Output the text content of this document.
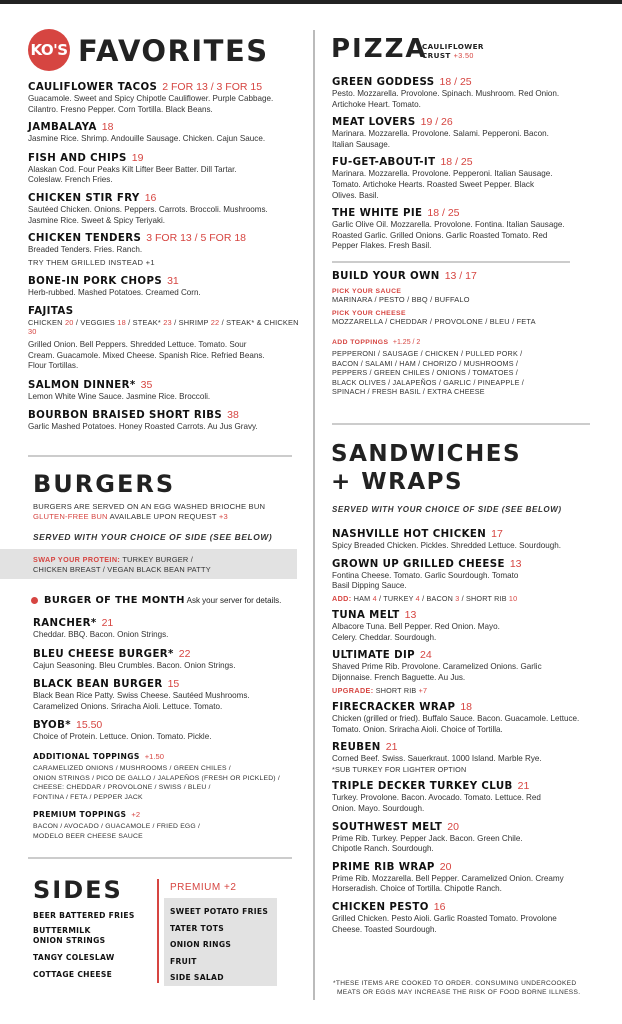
KO'S FAVORITES
CAULIFLOWER TACOS 2 FOR 13 / 3 FOR 15
Guacamole. Sweet and Spicy Chipotle Cauliflower. Purple Cabbage. Cilantro. Fresno Pepper. Corn Tortilla. Black Beans.
JAMBALAYA 18
Jasmine Rice. Shrimp. Andouille Sausage. Chicken. Cajun Sauce.
FISH AND CHIPS 19
Alaskan Cod. Four Peaks Kilt Lifter Beer Batter. Dill Tartar. Coleslaw. French Fries.
CHICKEN STIR FRY 16
Sautéed Chicken. Onions. Peppers. Carrots. Broccoli. Mushrooms. Jasmine Rice. Sweet & Spicy Teriyaki.
CHICKEN TENDERS 3 FOR 13 / 5 FOR 18
Breaded Tenders. Fries. Ranch.
TRY THEM GRILLED INSTEAD +1
BONE-IN PORK CHOPS 31
Herb-rubbed. Mashed Potatoes. Creamed Corn.
FAJITAS
CHICKEN 20 / VEGGIES 18 / STEAK* 23 / SHRIMP 22 / STEAK* & CHICKEN 30
Grilled Onion. Bell Peppers. Shredded Lettuce. Tomato. Sour Cream. Guacamole. Mixed Cheese. Spanish Rice. Refried Beans. Flour Tortillas.
SALMON DINNER* 35
Lemon White Wine Sauce. Jasmine Rice. Broccoli.
BOURBON BRAISED SHORT RIBS 38
Garlic Mashed Potatoes. Honey Roasted Carrots. Au Jus Gravy.
BURGERS
BURGERS ARE SERVED ON AN EGG WASHED BRIOCHE BUN
GLUTEN-FREE BUN AVAILABLE UPON REQUEST +3
SERVED WITH YOUR CHOICE OF SIDE (SEE BELOW)
SWAP YOUR PROTEIN: TURKEY BURGER /
CHICKEN BREAST / VEGAN BLACK BEAN PATTY
BURGER OF THE MONTH Ask your server for details.
RANCHER* 21
Cheddar. BBQ. Bacon. Onion Strings.
BLEU CHEESE BURGER* 22
Cajun Seasoning. Bleu Crumbles. Bacon. Onion Strings.
BLACK BEAN BURGER 15
Black Bean Rice Patty. Swiss Cheese. Sautéed Mushrooms. Caramelized Onions. Sriracha Aioli. Lettuce. Tomato.
BYOB* 15.50
Choice of Protein. Lettuce. Onion. Tomato. Pickle.
ADDITIONAL TOPPINGS +1.50
CARAMELIZED ONIONS / MUSHROOMS / GREEN CHILES /
ONION STRINGS / PICO DE GALLO / JALAPEÑOS (FRESH OR PICKLED) /
CHEESE: CHEDDAR / PROVOLONE / SWISS / BLEU /
FONTINA / FETA / PEPPER JACK
PREMIUM TOPPINGS +2
BACON / AVOCADO / GUACAMOLE / FRIED EGG /
MODELO BEER CHEESE SAUCE
SIDES
BEER BATTERED FRIES
BUTTERMILK ONION STRINGS
TANGY COLESLAW
COTTAGE CHEESE
PREMIUM +2
SWEET POTATO FRIES
TATER TOTS
ONION RINGS
FRUIT
SIDE SALAD
PIZZA
CAULIFLOWER
CRUST +3.50
GREEN GODDESS 18 / 25
Pesto. Mozzarella. Provolone. Spinach. Mushroom. Red Onion. Artichoke Heart. Tomato.
MEAT LOVERS 19 / 26
Marinara. Mozzarella. Provolone. Salami. Pepperoni. Bacon. Italian Sausage.
FU-GET-ABOUT-IT 18 / 25
Marinara. Mozzarella. Provolone. Pepperoni. Italian Sausage. Tomato. Artichoke Hearts. Roasted Sweet Pepper. Black Olives. Basil.
THE WHITE PIE 18 / 25
Garlic Olive Oil. Mozzarella. Provolone. Fontina. Italian Sausage. Roasted Garlic. Grilled Onions. Garlic Roasted Tomato. Red Pepper Flakes. Fresh Basil.
BUILD YOUR OWN 13 / 17
PICK YOUR SAUCE
MARINARA / PESTO / BBQ / BUFFALO
PICK YOUR CHEESE
MOZZARELLA / CHEDDAR / PROVOLONE / BLEU / FETA
ADD TOPPINGS +1.25 / 2
PEPPERONI / SAUSAGE / CHICKEN / PULLED PORK /
BACON / SALAMI / HAM / CHORIZO / MUSHROOMS /
PEPPERS / GREEN CHILES / ONIONS / TOMATOES /
BLACK OLIVES / JALAPEÑOS / GARLIC / PINEAPPLE /
SPINACH / FRESH BASIL / EXTRA CHEESE
SANDWICHES
+ WRAPS
SERVED WITH YOUR CHOICE OF SIDE (SEE BELOW)
NASHVILLE HOT CHICKEN 17
Spicy Breaded Chicken. Pickles. Shredded Lettuce. Sourdough.
GROWN UP GRILLED CHEESE 13
Fontina Cheese. Tomato. Garlic Sourdough. Tomato Basil Dipping Sauce.
ADD: HAM 4 / TURKEY 4 / BACON 3 / SHORT RIB 10
TUNA MELT 13
Albacore Tuna. Bell Pepper. Red Onion. Mayo. Celery. Cheddar. Sourdough.
ULTIMATE DIP 24
Shaved Prime Rib. Provolone. Caramelized Onions. Garlic Dijonnaise. French Baguette. Au Jus.
UPGRADE: SHORT RIB +7
FIRECRACKER WRAP 18
Chicken (grilled or fried). Buffalo Sauce. Bacon. Guacamole. Lettuce. Tomato. Onion. Sriracha Aioli. Choice of Tortilla.
REUBEN 21
Corned Beef. Swiss. Sauerkraut. 1000 Island. Marble Rye.
*SUB TURKEY FOR LIGHTER OPTION
TRIPLE DECKER TURKEY CLUB 21
Turkey. Provolone. Bacon. Avocado. Tomato. Lettuce. Red Onion. Mayo. Sourdough.
SOUTHWEST MELT 20
Prime Rib. Turkey. Pepper Jack. Bacon. Green Chile. Chipotle Ranch. Sourdough.
PRIME RIB WRAP 20
Prime Rib. Mozzarella. Bell Pepper. Caramelized Onion. Creamy Horseradish. Choice of Tortilla. Chipotle Ranch.
CHICKEN PESTO 16
Grilled Chicken. Pesto Aioli. Garlic Roasted Tomato. Provolone Cheese. Toasted Sourdough.
*THESE ITEMS ARE COOKED TO ORDER. CONSUMING UNDERCOOKED
MEATS OR EGGS MAY INCREASE THE RISK OF FOOD BORNE ILLNESS.
